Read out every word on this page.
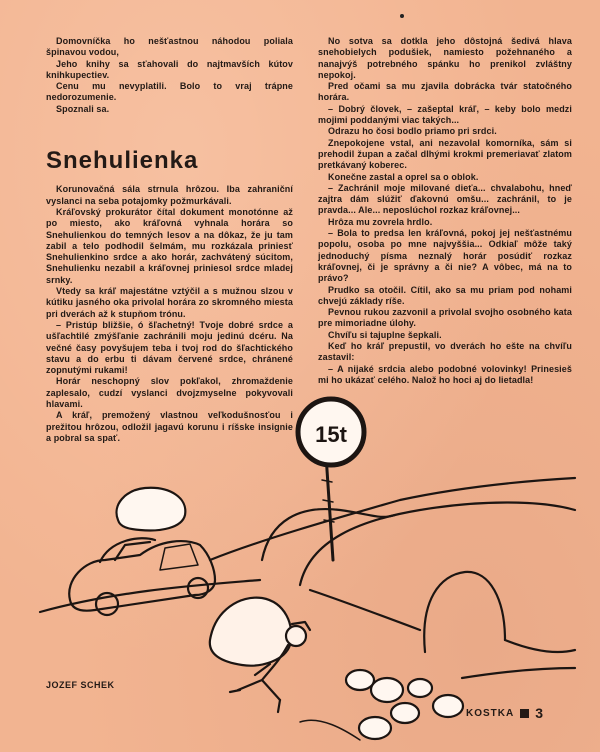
Domovníčka ho nešťastnou náhodou poliala špinavou vodou,

Jeho knihy sa sťahovali do najtmavších kútov knihkupectiev.

Cenu mu nevyplatili. Bolo to vraj trápne nedorozumenie.

Spoznali sa.

Snehulienka

Korunovačná sála strnula hrôzou. Iba zahraniční vyslanci na seba potajomky požmurkávali.

Kráľovský prokurátor čítal dokument monotónne až po miesto, ako kráľovná vyhnala horára so Snehulienkou do temných lesov a na dôkaz, že ju tam zabil a telo podhodil šelmám, mu rozkázala priniesť Snehulienkino srdce a ako horár, zachvátený súcitom, Snehulienku nezabil a kráľovnej priniesol srdce mladej srnky.

Vtedy sa kráľ majestátne vztýčil a s mužnou slzou v kútiku jasného oka privolal horára zo skromného miesta pri dverách až k stupňom trónu.

– Pristúp bližšie, ó šľachetný! Tvoje dobré srdce a ušľachtilé zmýšľanie zachránili moju jedinú dcéru. Na večné časy povyšujem teba i tvoj rod do šľachtického stavu a do erbu ti dávam červené srdce, chránené zopnutými rukami!

Horár neschopný slov pokľakol, zhromaždenie zaplesalo, cudzí vyslanci dvojzmyselne pokyvovali hlavami.

A kráľ, premožený vlastnou veľkodušnosťou i prežitou hrôzou, odložil jagavú korunu i ríšske insignie a pobral sa spať.

No sotva sa dotkla jeho dôstojná šedivá hlava snehobielych podušiek, namiesto požehnaného a nanajvýš potrebného spánku ho prenikol zvláštny nepokoj.

Pred očami sa mu zjavila dobrácka tvár statočného horára.

– Dobrý človek, – zašeptal kráľ, – keby bolo medzi mojimi poddanými viac takých...

Odrazu ho čosi bodlo priamo pri srdci.

Znepokojene vstal, ani nezavolal komorníka, sám si prehodil župan a začal dlhými krokmi premeriavať zlatom pretkávaný koberec.

Konečne zastal a oprel sa o oblok.

– Zachránil moje milované dieťa... chvalabohu, hneď zajtra dám slúžiť ďakovnú omšu... zachránil, to je pravda... Ale... neposlúchol rozkaz kráľovnej...

Hrôza mu zovrela hrdlo.

– Bola to predsa len kráľovná, pokoj jej nešťastnému popolu, osoba po mne najvyššia... Odkiaľ môže taký jednoduchý písma neznalý horár posúdiť rozkaz kráľovnej, či je správny a či nie? A vôbec, má na to právo?

Prudko sa otočil. Cítil, ako sa mu priam pod nohami chvejú základy ríše.

Pevnou rukou zazvonil a privolal svojho osobného kata pre mimoriadne úlohy.

Chvíľu si tajuplne šepkali.

Keď ho kráľ prepustil, vo dverách ho ešte na chvíľu zastavil:

– A nijaké srdcia alebo podobné volovinky! Prinesieš mi ho ukázať celého. Nalož ho hoci aj do lietadla!

15t
JOZEF SCHEK
KOSTKA 3
